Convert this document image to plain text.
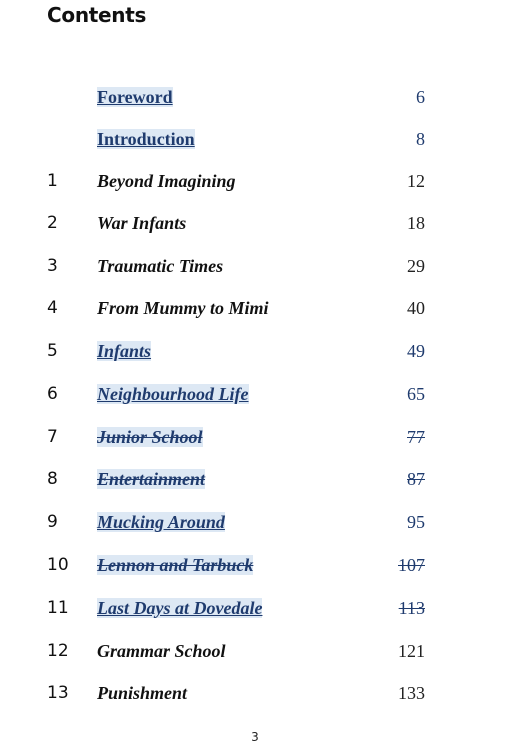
Contents
Foreword	6
Introduction	8
1 Beyond Imagining	12
2 War Infants	18
3 Traumatic Times	29
4 From Mummy to Mimi	40
5 Infants	49
6 Neighbourhood Life	65
7 Junior School	77
8 Entertainment	87
9 Mucking Around	95
10 Lennon and Tarbuck	107
11 Last Days at Dovedale	113
12 Grammar School	121
13 Punishment	133
3
